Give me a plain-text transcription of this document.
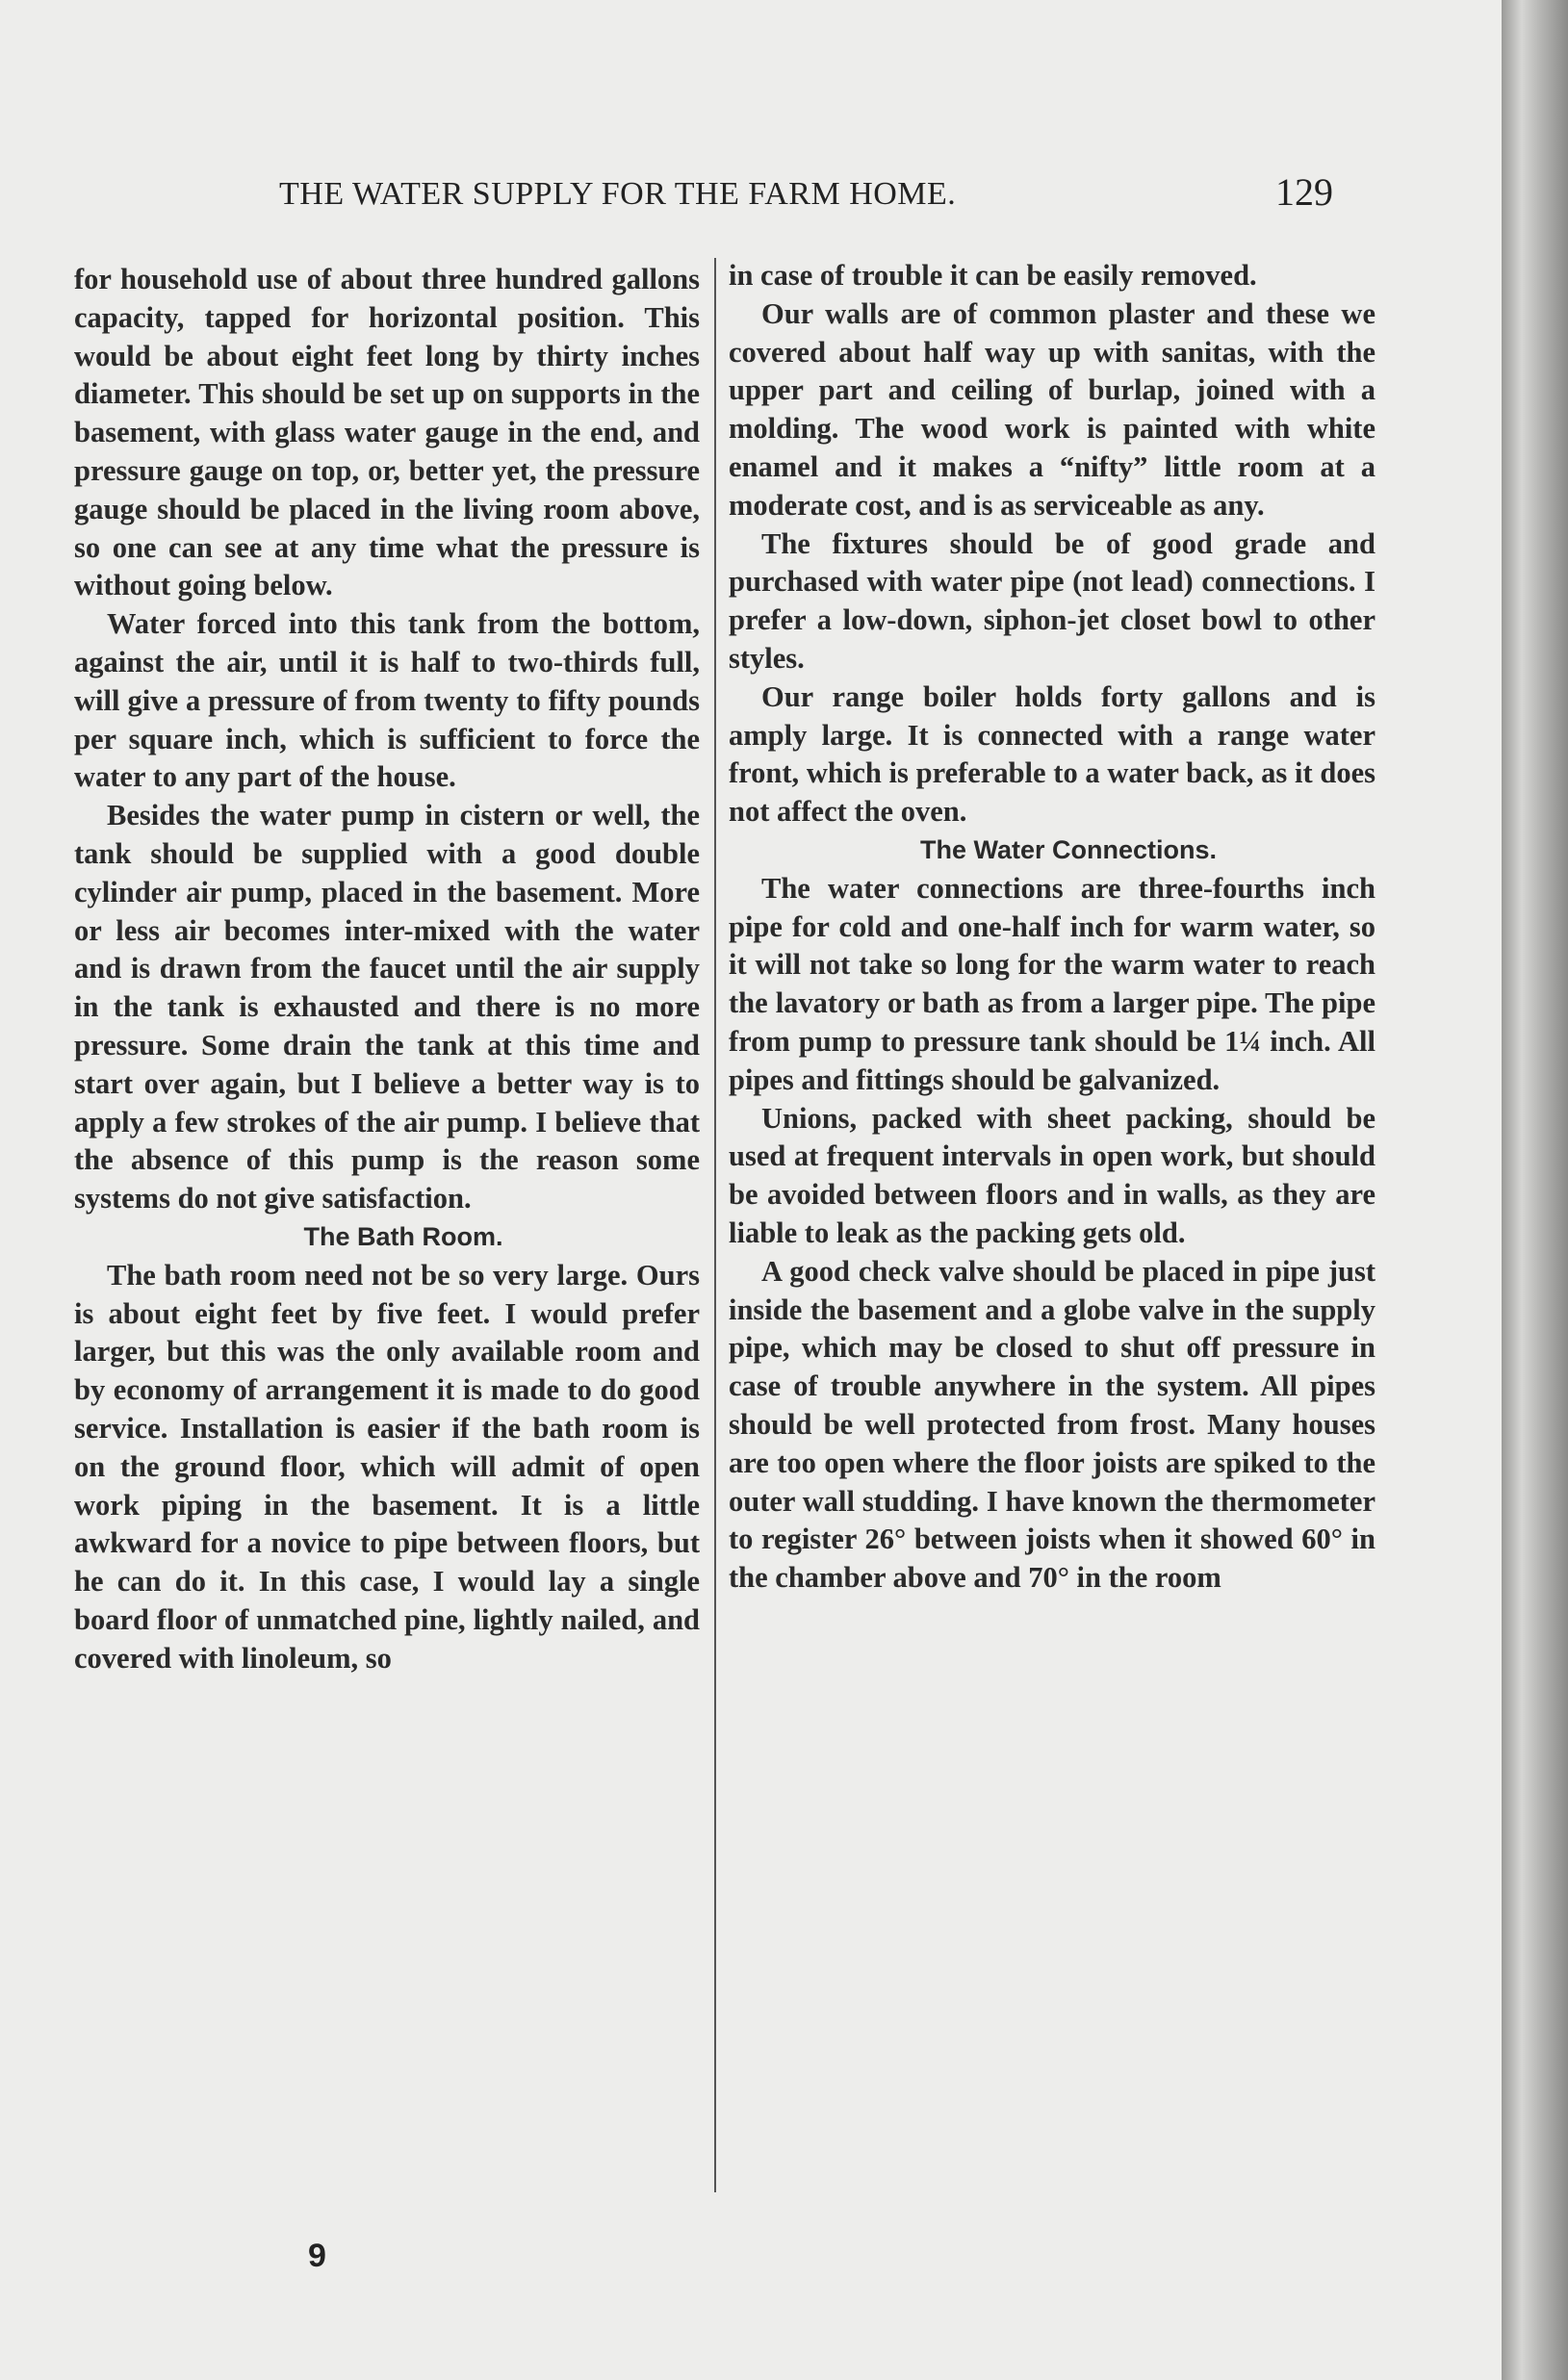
THE WATER SUPPLY FOR THE FARM HOME.	129

for household use of about three hundred gallons capacity, tapped for horizontal position. This would be about eight feet long by thirty inches diameter. This should be set up on supports in the basement, with glass water gauge in the end, and pressure gauge on top, or, better yet, the pressure gauge should be placed in the living room above, so one can see at any time what the pressure is without going below.

Water forced into this tank from the bottom, against the air, until it is half to two-thirds full, will give a pressure of from twenty to fifty pounds per square inch, which is sufficient to force the water to any part of the house.

Besides the water pump in cistern or well, the tank should be supplied with a good double cylinder air pump, placed in the basement. More or less air becomes inter-mixed with the water and is drawn from the faucet until the air supply in the tank is exhausted and there is no more pressure. Some drain the tank at this time and start over again, but I believe a better way is to apply a few strokes of the air pump. I believe that the absence of this pump is the reason some systems do not give satisfaction.

The Bath Room.

The bath room need not be so very large. Ours is about eight feet by five feet. I would prefer larger, but this was the only available room and by economy of arrangement it is made to do good service. Installation is easier if the bath room is on the ground floor, which will admit of open work piping in the basement. It is a little awkward for a novice to pipe between floors, but he can do it. In this case, I would lay a single board floor of unmatched pine, lightly nailed, and covered with linoleum, so

in case of trouble it can be easily removed.

Our walls are of common plaster and these we covered about half way up with sanitas, with the upper part and ceiling of burlap, joined with a molding. The wood work is painted with white enamel and it makes a “nifty” little room at a moderate cost, and is as serviceable as any.

The fixtures should be of good grade and purchased with water pipe (not lead) connections. I prefer a low-down, siphon-jet closet bowl to other styles.

Our range boiler holds forty gallons and is amply large. It is connected with a range water front, which is preferable to a water back, as it does not affect the oven.

The Water Connections.

The water connections are three-fourths inch pipe for cold and one-half inch for warm water, so it will not take so long for the warm water to reach the lavatory or bath as from a larger pipe. The pipe from pump to pressure tank should be 1¼ inch. All pipes and fittings should be galvanized.

Unions, packed with sheet packing, should be used at frequent intervals in open work, but should be avoided between floors and in walls, as they are liable to leak as the packing gets old.

A good check valve should be placed in pipe just inside the basement and a globe valve in the supply pipe, which may be closed to shut off pressure in case of trouble anywhere in the system. All pipes should be well protected from frost. Many houses are too open where the floor joists are spiked to the outer wall studding. I have known the thermometer to register 26° between joists when it showed 60° in the chamber above and 70° in the room

9
